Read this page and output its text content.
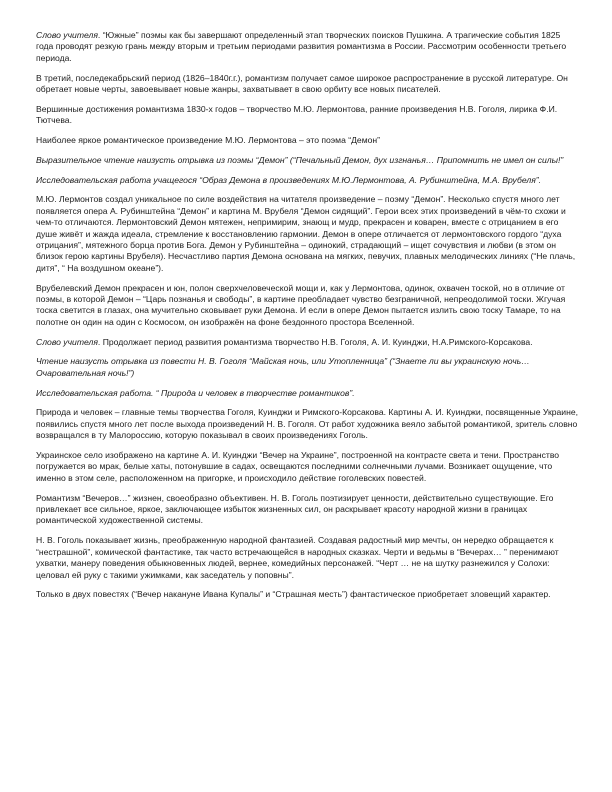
Слово учителя. “Южные” поэмы как бы завершают определенный этап творческих поисков Пушкина. А трагические события 1825 года проводят резкую грань между вторым и третьим периодами развития романтизма в России. Рассмотрим особенности третьего периода.

В третий, последекабрьский период (1826–1840г.г.), романтизм получает самое широкое распространение в русской литературе. Он обретает новые черты, завоевывает новые жанры, захватывает в свою орбиту все новых писателей.

Вершинные достижения романтизма 1830-х годов – творчество М.Ю. Лермонтова, ранние произведения Н.В. Гоголя, лирика Ф.И. Тютчева.

Наиболее яркое романтическое произведение М.Ю. Лермонтова – это поэма “Демон”

Выразительное чтение наизусть отрывка из поэмы “Демон” (“Печальный Демон, дух изгнанья… Припомнить не имел он силы!”

Исследовательская работа учащегося “Образ Демона в произведениях М.Ю.Лермонтова, А. Рубинштейна, М.А. Врубеля”.

М.Ю. Лермонтов создал уникальное по силе воздействия на читателя произведение – поэму “Демон”. Несколько спустя много лет появляется опера А. Рубинштейна “Демон” и картина М. Врубеля “Демон сидящий”. Герои всех этих произведений в чём-то схожи и чем-то отличаются. Лермонтовский Демон мятежен, непримирим, знающ и мудр, прекрасен и коварен, вместе с отрицанием в его душе живёт и жажда идеала, стремление к восстановлению гармонии. Демон в опере отличается от лермонтовского гордого “духа отрицания”, мятежного борца против Бога. Демон у Рубинштейна – одинокий, страдающий – ищет сочувствия и любви (в этом он близок герою картины Врубеля). Несчастливо партия Демона основана на мягких, певучих, плавных мелодических линиях (“Не плачь, дитя”, “ На воздушном океане”).

Врубелевский Демон прекрасен и юн, полон сверхчеловеческой мощи и, как у Лермонтова, одинок, охвачен тоской, но в отличие от поэмы, в которой Демон – “Царь познанья и свободы”, в картине преобладает чувство безграничной, непреодолимой тоски. Жгучая тоска светится в глазах, она мучительно сковывает руки Демона. И если в опере Демон пытается излить свою тоску Тамаре, то на полотне он один на один с Космосом, он изображён на фоне бездонного простора Вселенной.

Слово учителя. Продолжает период развития романтизма творчество Н.В. Гоголя, А. И. Куинджи, Н.А.Римского-Корсакова.

Чтение наизусть отрывка из повести Н. В. Гоголя “Майская ночь, или Утопленница” (“Знаете ли вы украинскую ночь… Очаровательная ночь!”)

Исследовательская работа. “ Природа и человек в творчестве романтиков”.

Природа и человек – главные темы творчества Гоголя, Куинджи и Римского-Корсакова. Картины А. И. Куинджи, посвященные Украине, появились спустя много лет после выхода произведений Н. В. Гоголя. От работ художника веяло забытой романтикой, зритель словно возвращался в ту Малороссию, которую показывал в своих произведениях Гоголь.

Украинское село изображено на картине А. И. Куинджи “Вечер на Украине”, построенной на контрасте света и тени. Пространство погружается во мрак, белые хаты, потонувшие в садах, освещаются последними солнечными лучами. Возникает ощущение, что именно в этом селе, расположенном на пригорке, и происходило действие гоголевских повестей.

Романтизм “Вечеров…” жизнен, своеобразно объективен. Н. В. Гоголь поэтизирует ценности, действительно существующие. Его привлекает все сильное, яркое, заключающее избыток жизненных сил, он раскрывает красоту народной жизни в границах романтической художественной системы.

Н. В. Гоголь показывает жизнь, преображенную народной фантазией. Создавая радостный мир мечты, он нередко обращается к “нестрашной”, комической фантастике, так часто встречающейся в народных сказках. Черти и ведьмы в “Вечерах… ” перенимают ухватки, манеру поведения обыкновенных людей, вернее, комедийных персонажей. “Черт … не на шутку разнежился у Солохи: целовал ей руку с такими ужимками, как заседатель у поповны”.

Только в двух повестях (“Вечер накануне Ивана Купалы” и “Страшная месть”) фантастическое приобретает зловещий характер.
